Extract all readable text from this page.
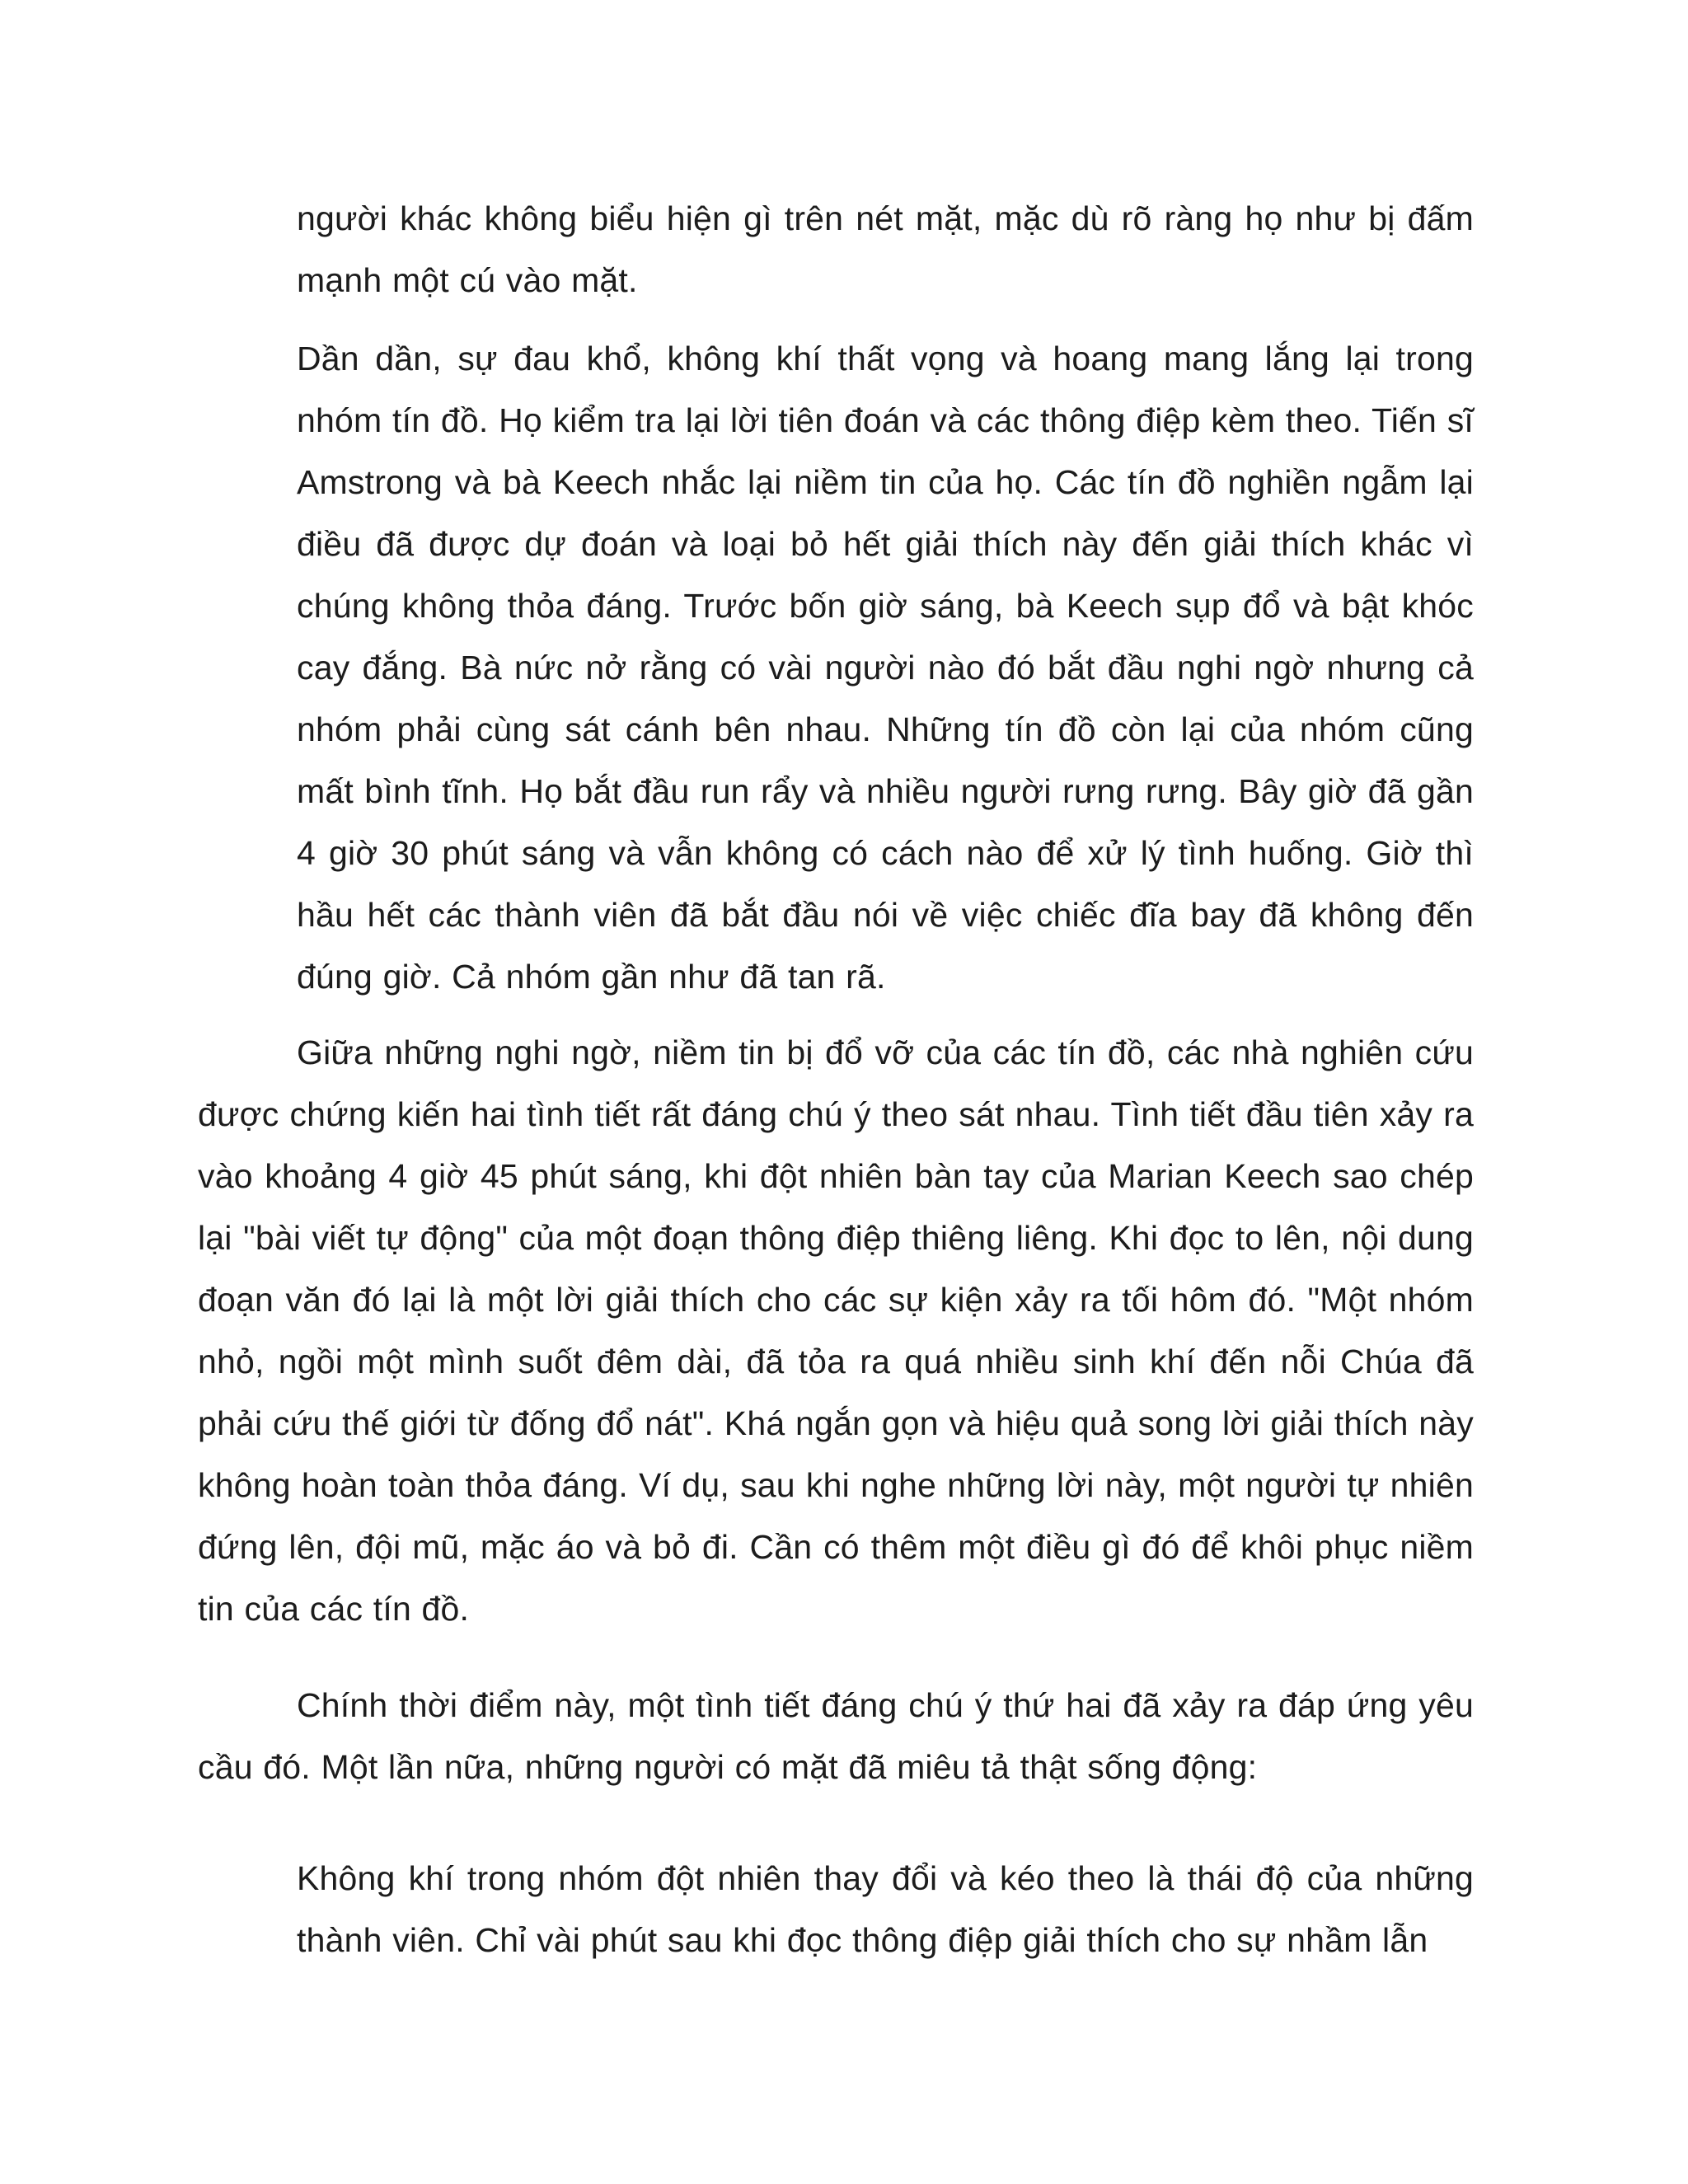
người khác không biểu hiện gì trên nét mặt, mặc dù rõ ràng họ như bị đấm mạnh một cú vào mặt.

Dần dần, sự đau khổ, không khí thất vọng và hoang mang lắng lại trong nhóm tín đồ. Họ kiểm tra lại lời tiên đoán và các thông điệp kèm theo. Tiến sĩ Amstrong và bà Keech nhắc lại niềm tin của họ. Các tín đồ nghiền ngẫm lại điều đã được dự đoán và loại bỏ hết giải thích này đến giải thích khác vì chúng không thỏa đáng. Trước bốn giờ sáng, bà Keech sụp đổ và bật khóc cay đắng. Bà nức nở rằng có vài người nào đó bắt đầu nghi ngờ nhưng cả nhóm phải cùng sát cánh bên nhau. Những tín đồ còn lại của nhóm cũng mất bình tĩnh. Họ bắt đầu run rẩy và nhiều người rưng rưng. Bây giờ đã gần 4 giờ 30 phút sáng và vẫn không có cách nào để xử lý tình huống. Giờ thì hầu hết các thành viên đã bắt đầu nói về việc chiếc đĩa bay đã không đến đúng giờ. Cả nhóm gần như đã tan rã.

Giữa những nghi ngờ, niềm tin bị đổ vỡ của các tín đồ, các nhà nghiên cứu được chứng kiến hai tình tiết rất đáng chú ý theo sát nhau. Tình tiết đầu tiên xảy ra vào khoảng 4 giờ 45 phút sáng, khi đột nhiên bàn tay của Marian Keech sao chép lại "bài viết tự động" của một đoạn thông điệp thiêng liêng. Khi đọc to lên, nội dung đoạn văn đó lại là một lời giải thích cho các sự kiện xảy ra tối hôm đó. "Một nhóm nhỏ, ngồi một mình suốt đêm dài, đã tỏa ra quá nhiều sinh khí đến nỗi Chúa đã phải cứu thế giới từ đống đổ nát". Khá ngắn gọn và hiệu quả song lời giải thích này không hoàn toàn thỏa đáng. Ví dụ, sau khi nghe những lời này, một người tự nhiên đứng lên, đội mũ, mặc áo và bỏ đi. Cần có thêm một điều gì đó để khôi phục niềm tin của các tín đồ.

Chính thời điểm này, một tình tiết đáng chú ý thứ hai đã xảy ra đáp ứng yêu cầu đó. Một lần nữa, những người có mặt đã miêu tả thật sống động:

Không khí trong nhóm đột nhiên thay đổi và kéo theo là thái độ của những thành viên. Chỉ vài phút sau khi đọc thông điệp giải thích cho sự nhầm lẫn
